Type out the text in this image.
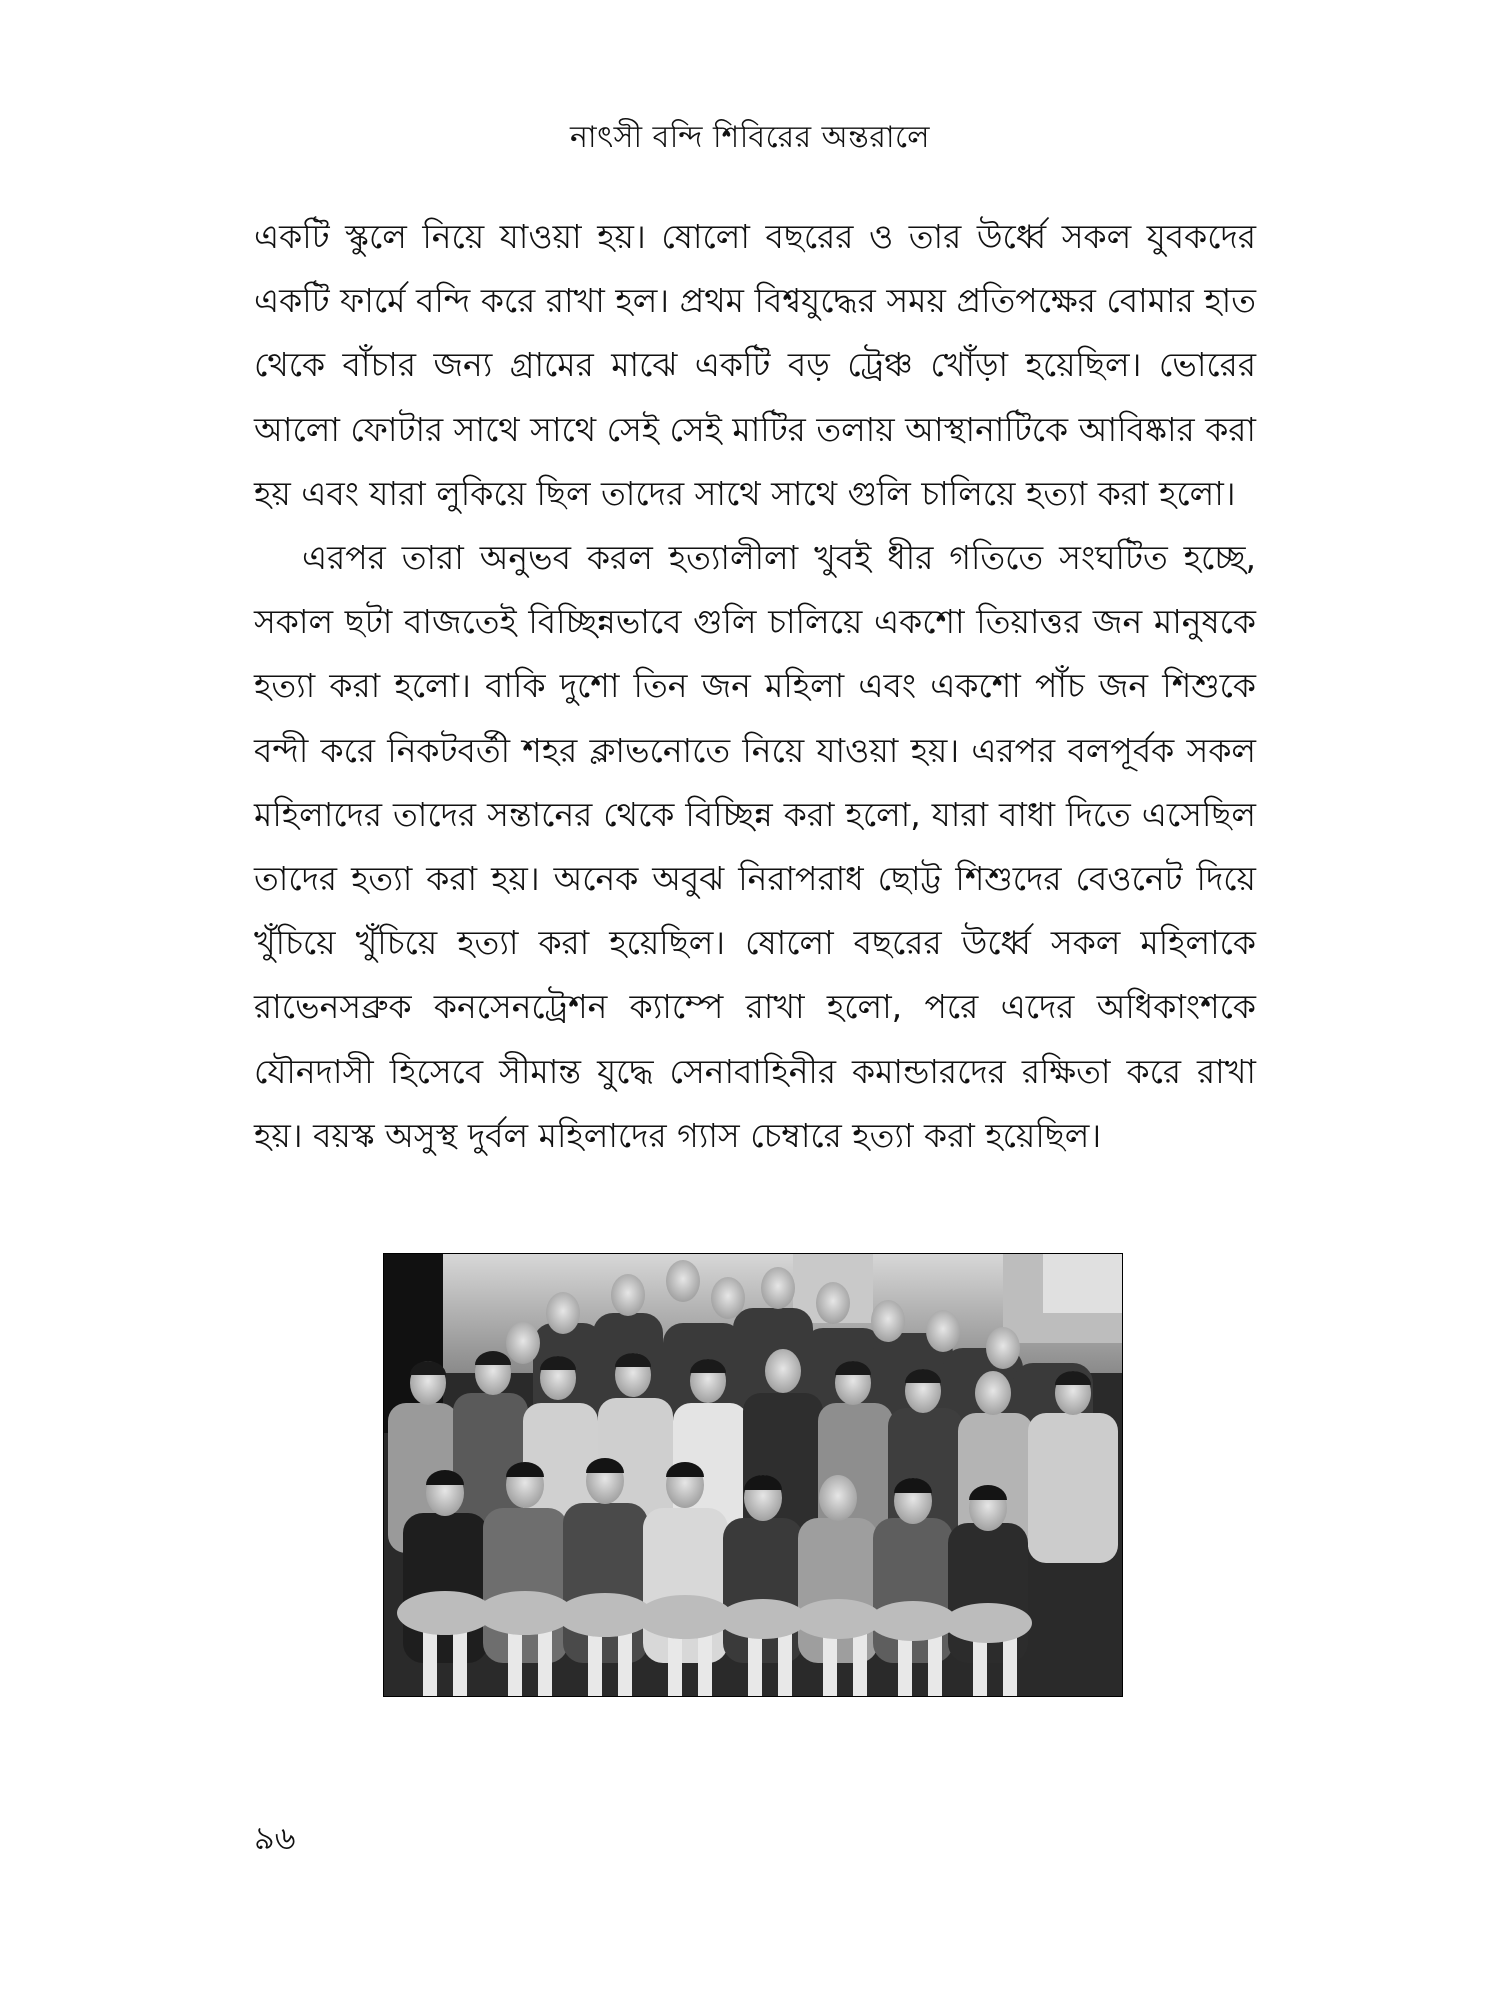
নাৎসী বন্দি শিবিরের অন্তরালে

একটি স্কুলে নিয়ে যাওয়া হয়। ষোলো বছরের ও তার উর্ধ্বে সকল যুবকদের একটি ফার্মে বন্দি করে রাখা হল। প্রথম বিশ্বযুদ্ধের সময় প্রতিপক্ষের বোমার হাত থেকে বাঁচার জন্য গ্রামের মাঝে একটি বড় ট্রেঞ্চ খোঁড়া হয়েছিল। ভোরের আলো ফোটার সাথে সাথে সেই সেই মাটির তলায় আস্থানাটিকে আবিষ্কার করা হয় এবং যারা লুকিয়ে ছিল তাদের সাথে সাথে গুলি চালিয়ে হত্যা করা হলো।

এরপর তারা অনুভব করল হত্যালীলা খুবই ধীর গতিতে সংঘটিত হচ্ছে, সকাল ছটা বাজতেই বিচ্ছিন্নভাবে গুলি চালিয়ে একশো তিয়াত্তর জন মানুষকে হত্যা করা হলো। বাকি দুশো তিন জন মহিলা এবং একশো পাঁচ জন শিশুকে বন্দী করে নিকটবর্তী শহর ক্লাভনোতে নিয়ে যাওয়া হয়। এরপর বলপূর্বক সকল মহিলাদের তাদের সন্তানের থেকে বিচ্ছিন্ন করা হলো, যারা বাধা দিতে এসেছিল তাদের হত্যা করা হয়। অনেক অবুঝ নিরাপরাধ ছোট্ট শিশুদের বেওনেট দিয়ে খুঁচিয়ে খুঁচিয়ে হত্যা করা হয়েছিল। ষোলো বছরের উর্ধ্বে সকল মহিলাকে রাভেনসব্রুক কনসেনট্রেশন ক্যাম্পে রাখা হলো, পরে এদের অধিকাংশকে যৌনদাসী হিসেবে সীমান্ত যুদ্ধে সেনাবাহিনীর কমান্ডারদের রক্ষিতা করে রাখা হয়। বয়স্ক অসুস্থ দুর্বল মহিলাদের গ্যাস চেম্বারে হত্যা করা হয়েছিল।

৯৬
